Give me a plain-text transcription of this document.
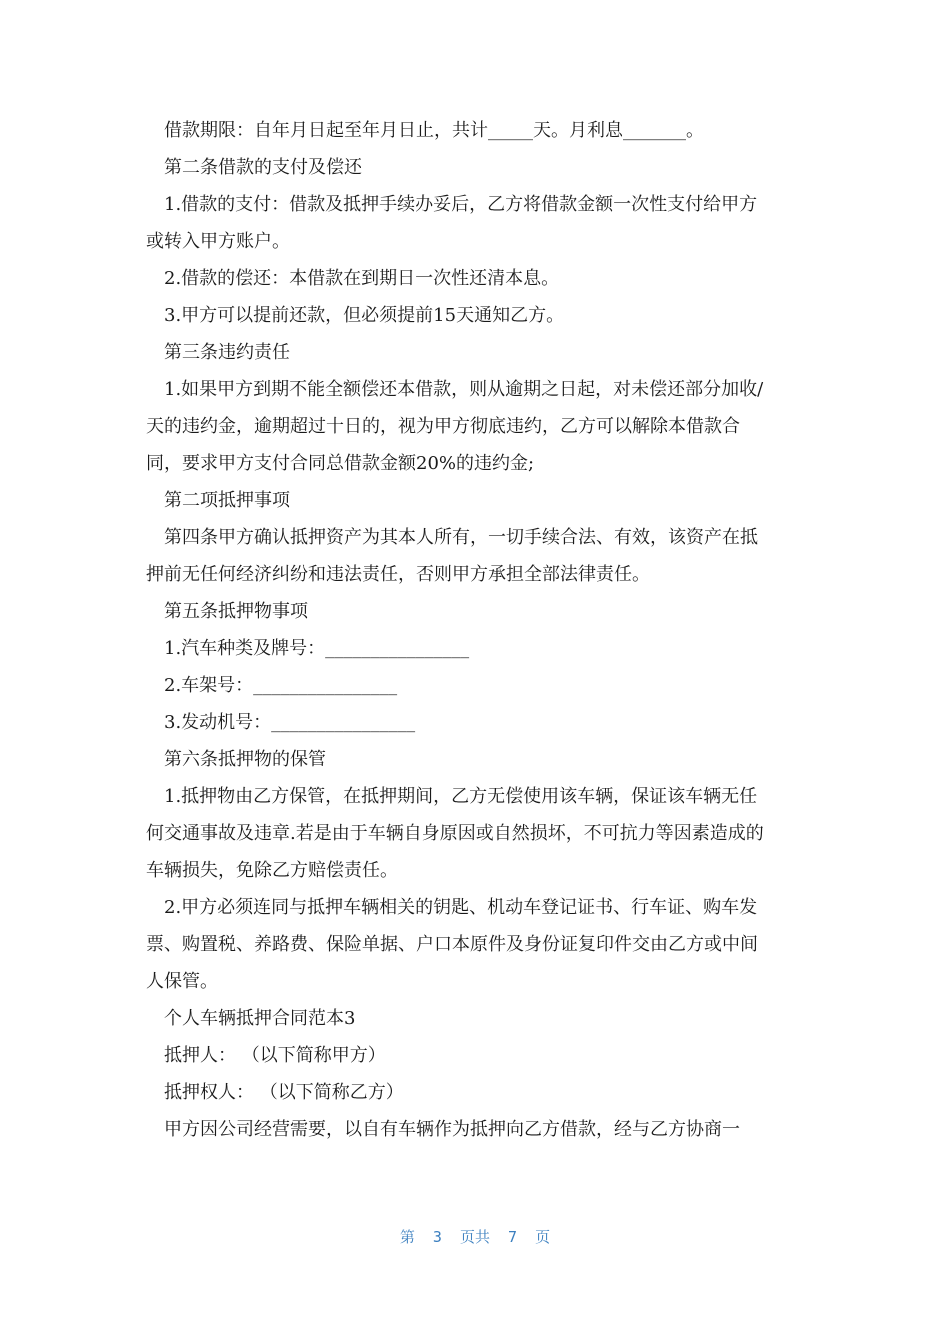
借款期限：自年月日起至年月日止，共计_____天。月利息_______。

第二条借款的支付及偿还

1.借款的支付：借款及抵押手续办妥后，乙方将借款金额一次性支付给甲方

或转入甲方账户。

2.借款的偿还：本借款在到期日一次性还清本息。

3.甲方可以提前还款，但必须提前15天通知乙方。

第三条违约责任

1.如果甲方到期不能全额偿还本借款，则从逾期之日起，对未偿还部分加收/

天的违约金，逾期超过十日的，视为甲方彻底违约，乙方可以解除本借款合

同，要求甲方支付合同总借款金额20%的违约金;

第二项抵押事项

第四条甲方确认抵押资产为其本人所有，一切手续合法、有效，该资产在抵

押前无任何经济纠纷和违法责任，否则甲方承担全部法律责任。

第五条抵押物事项

1.汽车种类及牌号：________________

2.车架号：________________

3.发动机号：________________

第六条抵押物的保管

1.抵押物由乙方保管，在抵押期间，乙方无偿使用该车辆，保证该车辆无任

何交通事故及违章.若是由于车辆自身原因或自然损坏，不可抗力等因素造成的

车辆损失，免除乙方赔偿责任。

2.甲方必须连同与抵押车辆相关的钥匙、机动车登记证书、行车证、购车发

票、购置税、养路费、保险单据、户口本原件及身份证复印件交由乙方或中间

人保管。

个人车辆抵押合同范本3

抵押人： （以下简称甲方）

抵押权人： （以下简称乙方）

甲方因公司经营需要，以自有车辆作为抵押向乙方借款，经与乙方协商一

第  3  页共  7  页
